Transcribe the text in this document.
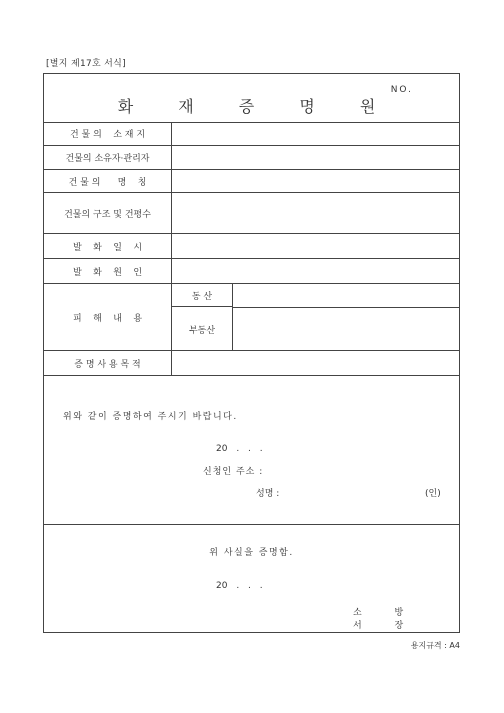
[별지 제17호 서식]
화 재 증 명 원
NO.
건 물 의    소 재 지
건물의 소유자·관리자
건 물 의      명    칭
건물의 구조 및 건평수
발    화    일    시
발    화    원    인
피    해    내    용
동 산
부동산
증 명 사 용 목 적
위와 같이 증명하여 주시기 바랍니다.
20 . . .
신청인 주소 :
성명 :	(인)
위 사실을 증명함.
20 . . .
소 방 서 장
용지규격 : A4
